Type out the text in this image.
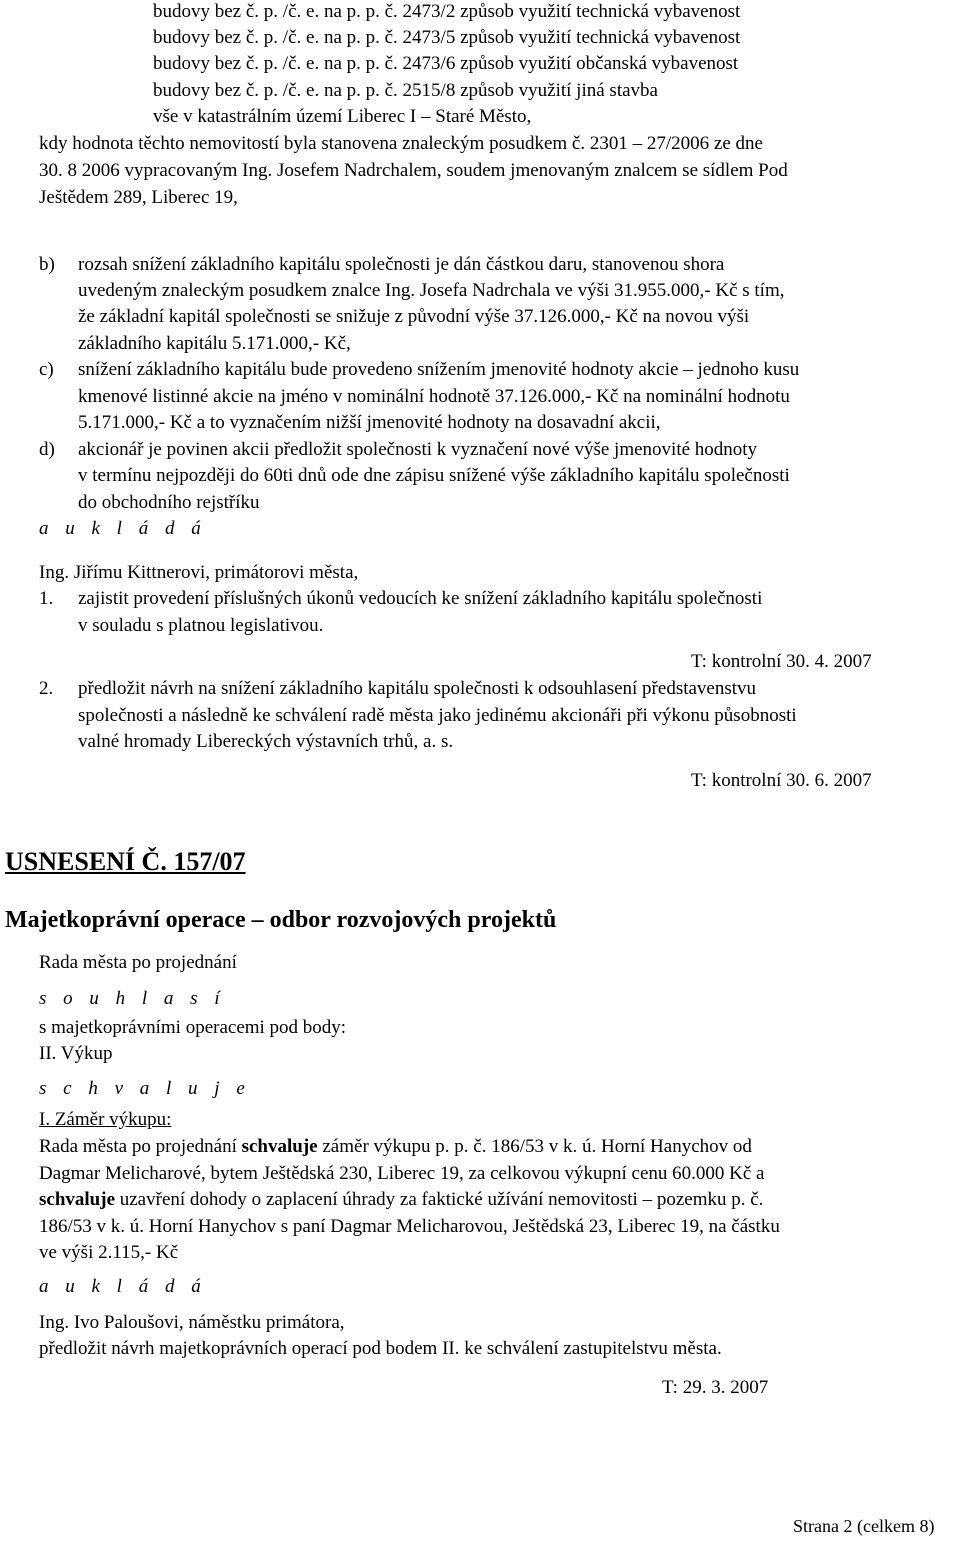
budovy bez č. p. /č. e. na p. p. č. 2473/2 způsob využití technická vybavenost
budovy bez č. p. /č. e. na p. p. č. 2473/5 způsob využití technická vybavenost
budovy bez č. p. /č. e. na p. p. č. 2473/6 způsob využití občanská vybavenost
budovy bez č. p. /č. e. na p. p. č. 2515/8 způsob využití jiná stavba
vše v katastrálním území Liberec I – Staré Město,
kdy hodnota těchto nemovitostí byla stanovena znaleckým posudkem č. 2301 – 27/2006 ze dne
30. 8 2006 vypracovaným Ing. Josefem Nadrchalem, soudem jmenovaným znalcem se sídlem Pod
Ještědem 289, Liberec 19,
b) rozsah snížení základního kapitálu společnosti je dán částkou daru, stanovenou shora
uvedeným znaleckým posudkem znalce Ing. Josefa Nadrchala ve výši 31.955.000,- Kč s tím,
že základní kapitál společnosti se snižuje z původní výše 37.126.000,- Kč na novou výši
základního kapitálu 5.171.000,- Kč,
c) snížení základního kapitálu bude provedeno snížením jmenovité hodnoty akcie – jednoho kusu
kmenové listinné akcie na jméno v nominální hodnotě 37.126.000,- Kč na nominální hodnotu
5.171.000,- Kč a to vyznačením nižší jmenovité hodnoty na dosavadní akcii,
d) akcionář je povinen akcii předložit společnosti k vyznačení nové výše jmenovité hodnoty
v termínu nejpozději do 60ti dnů ode dne zápisu snížené výše základního kapitálu společnosti
do obchodního rejstříku
a u k l á d á
Ing. Jiřímu Kittnerovi, primátorovi města,
1. zajistit provedení příslušných úkonů vedoucích ke snížení základního kapitálu společnosti
v souladu s platnou legislativou.
T: kontrolní 30. 4. 2007
2. předložit návrh na snížení základního kapitálu společnosti k odsouhlasení představenstvu
společnosti a následně ke schválení radě města jako jedinému akcionáři při výkonu působnosti
valné hromady Libereckých výstavních trhů, a. s.
T: kontrolní 30. 6. 2007
USNESENÍ Č. 157/07
Majetkoprávní operace – odbor rozvojových projektů
Rada města po projednání
s o u h l a s í
s majetkoprávními operacemi pod body:
II. Výkup
s c h v a l u j e
I. Záměr výkupu:
Rada města po projednání schvaluje záměr výkupu p. p. č. 186/53 v k. ú. Horní Hanychov od
Dagmar Melicharové, bytem Ještědská 230, Liberec 19, za celkovou výkupní cenu 60.000 Kč a
schvaluje uzavření dohody o zaplacení úhrady za faktické užívání nemovitosti – pozemku p. č.
186/53 v k. ú. Horní Hanychov s paní Dagmar Melicharovou, Ještědská 23, Liberec 19, na částku
ve výši 2.115,- Kč
a u k l á d á
Ing. Ivo Paloušovi, náměstku primátora,
předložit návrh majetkoprávních operací pod bodem II. ke schválení zastupitelstvu města.
T: 29. 3. 2007
Strana 2 (celkem 8)
